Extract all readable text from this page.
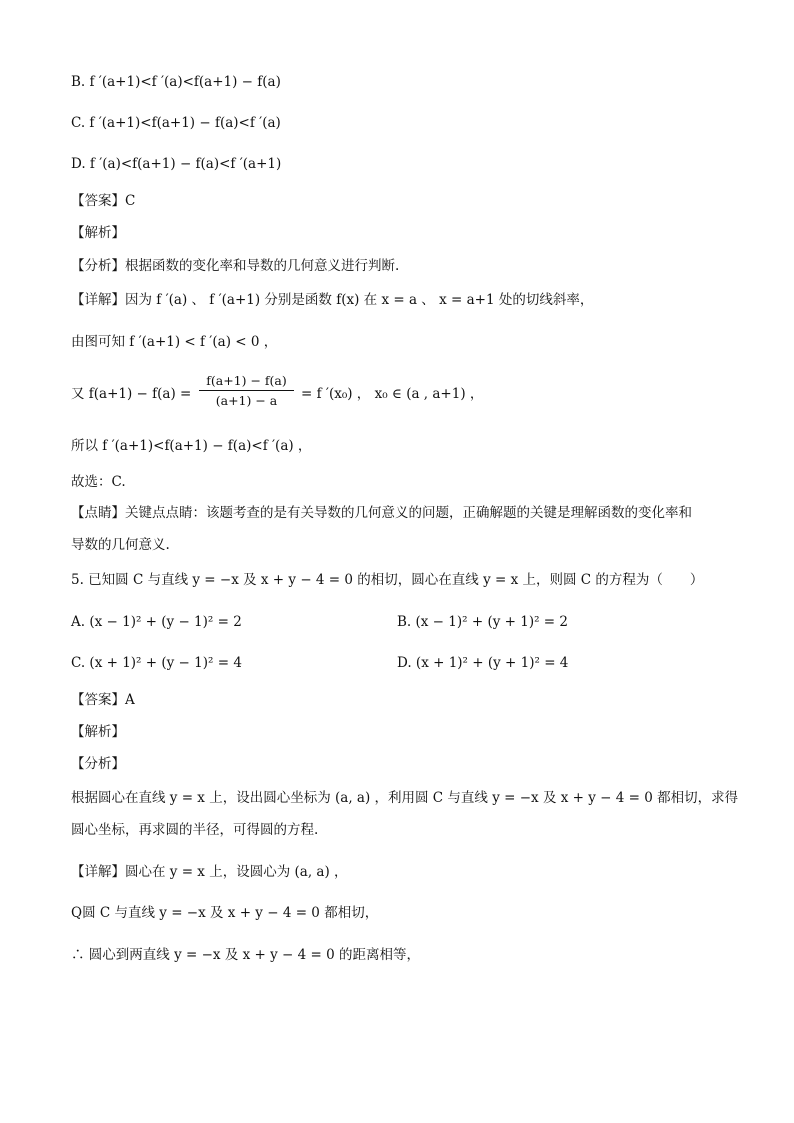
B. f ′(a+1)<f ′(a)<f(a+1) − f(a)
C. f ′(a+1)<f(a+1) − f(a)<f ′(a)
D. f ′(a)<f(a+1) − f(a)<f ′(a+1)
【答案】C
【解析】
【分析】根据函数的变化率和导数的几何意义进行判断.
【详解】因为 f ′(a) 、 f ′(a+1) 分别是函数 f(x) 在 x = a 、 x = a+1 处的切线斜率，
由图可知 f ′(a+1) < f ′(a) < 0 ，
又 $f(a+1) - f(a) = \frac{f(a+1) - f(a)}{(a+1) - a} = f$ ′(x₀) ， x₀ ∈ (a , a+1) ，
所以 f ′(a+1)<f(a+1) − f(a)<f ′(a) ，
故选：C.
【点睛】关键点点睛：该题考查的是有关导数的几何意义的问题，正确解题的关键是理解函数的变化率和
导数的几何意义.
5. 已知圆 C 与直线 y = −x 及 x + y − 4 = 0 的相切，圆心在直线 y = x 上，则圆 C 的方程为（　　）
A. (x − 1)² + (y − 1)² = 2	B. (x − 1)² + (y + 1)² = 2
C. (x + 1)² + (y − 1)² = 4	D. (x + 1)² + (y + 1)² = 4
【答案】A
【解析】
【分析】
根据圆心在直线 y = x 上，设出圆心坐标为 (a, a) ，利用圆 C 与直线 y = −x 及 x + y − 4 = 0 都相切，求得圆心坐标，再求圆的半径，可得圆的方程.
【详解】圆心在 y = x 上，设圆心为 (a, a) ，
Q圆 C 与直线 y = −x 及 x + y − 4 = 0 都相切，
∴ 圆心到两直线 y = −x 及 x + y − 4 = 0 的距离相等，
